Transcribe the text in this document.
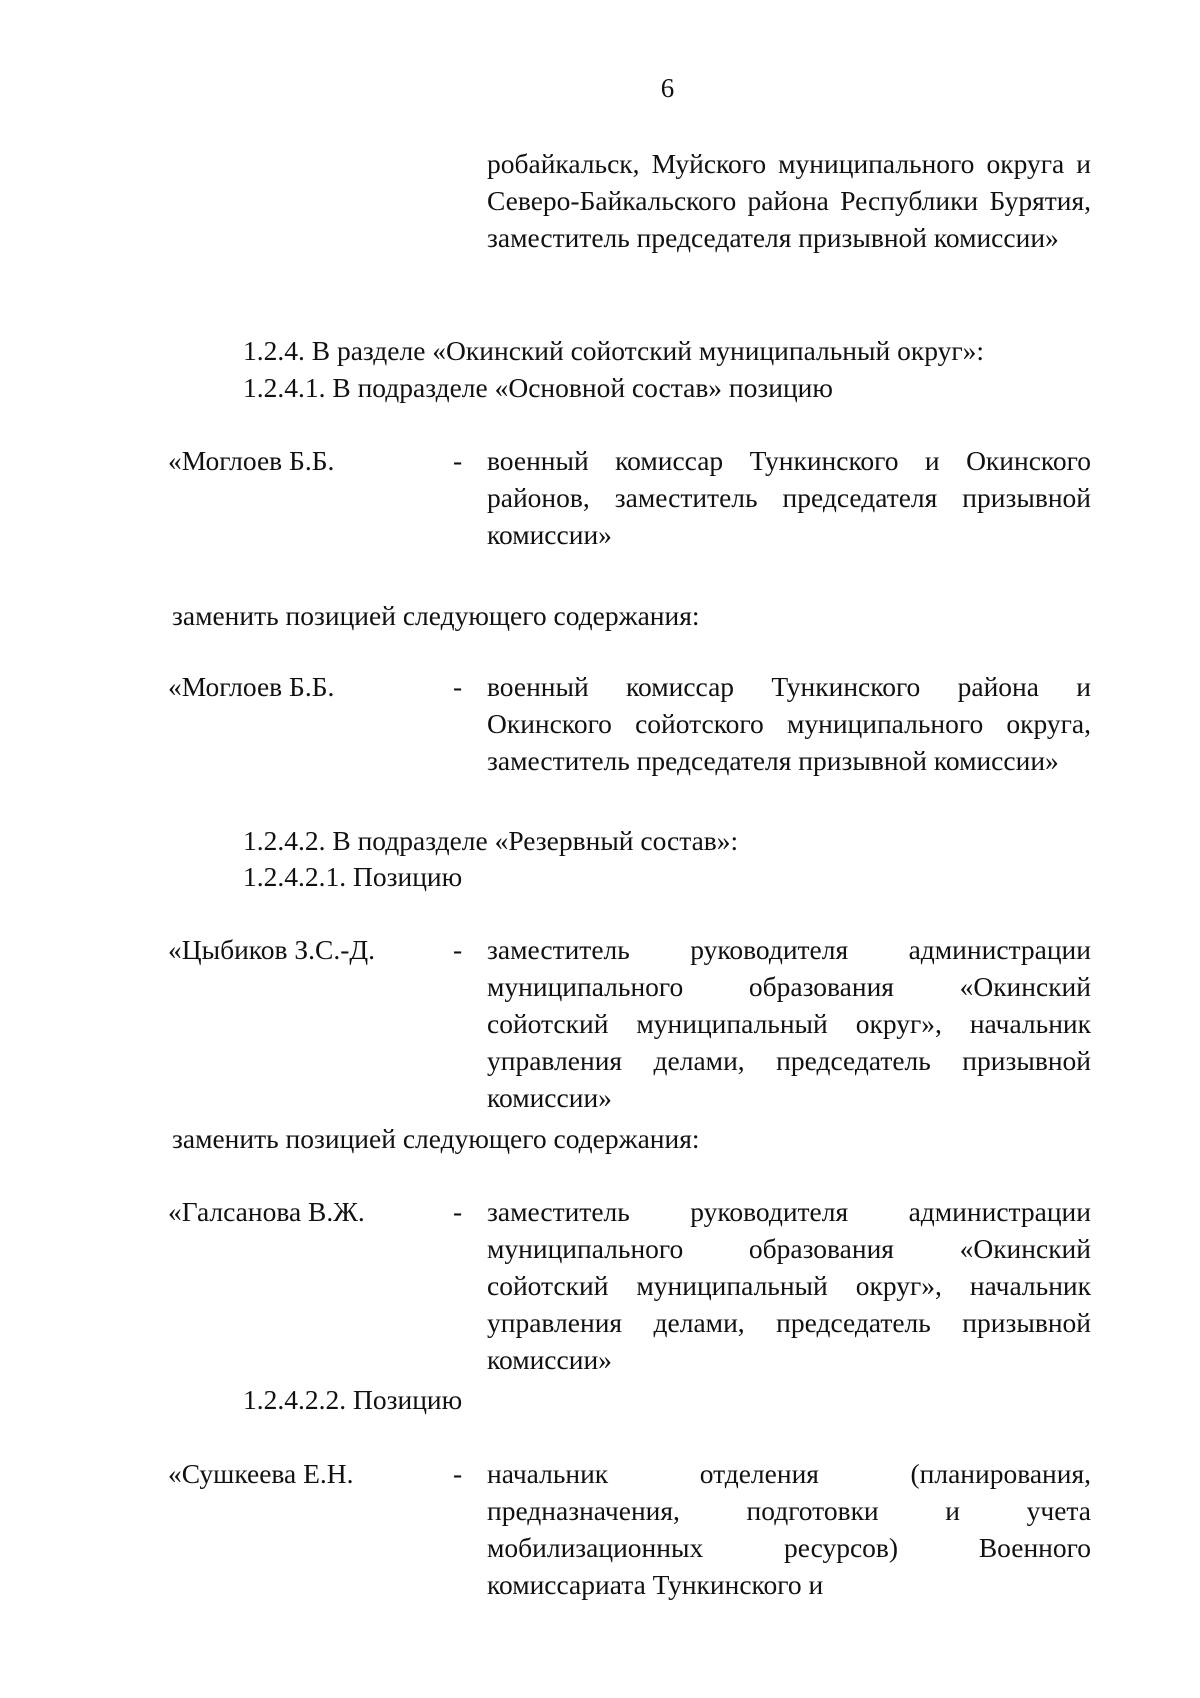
6
робайкальск, Муйского муниципального округа и Северо-Байкальского района Республики Бурятия, заместитель председателя призывной комиссии»
1.2.4. В разделе «Окинский сойотский муниципальный округ»:
1.2.4.1. В подразделе «Основной состав» позицию
«Моглоев Б.Б.	- военный комиссар Тункинского и Окинского районов, заместитель председателя призывной комиссии»
заменить позицией следующего содержания:
«Моглоев Б.Б.	- военный комиссар Тункинского района и Окинского сойотского муниципального округа, заместитель председателя призывной комиссии»
1.2.4.2. В подразделе «Резервный состав»:
1.2.4.2.1. Позицию
«Цыбиков З.С.-Д.	- заместитель руководителя администрации муниципального образования «Окинский сойотский муниципальный округ», начальник управления делами, председатель призывной комиссии»
заменить позицией следующего содержания:
«Галсанова В.Ж.	- заместитель руководителя администрации муниципального образования «Окинский сойотский муниципальный округ», начальник управления делами, председатель призывной комиссии»
1.2.4.2.2. Позицию
«Сушкеева Е.Н.	- начальник отделения (планирования, предназначения, подготовки и учета мобилизационных ресурсов) Военного комиссариата Тункинского и
